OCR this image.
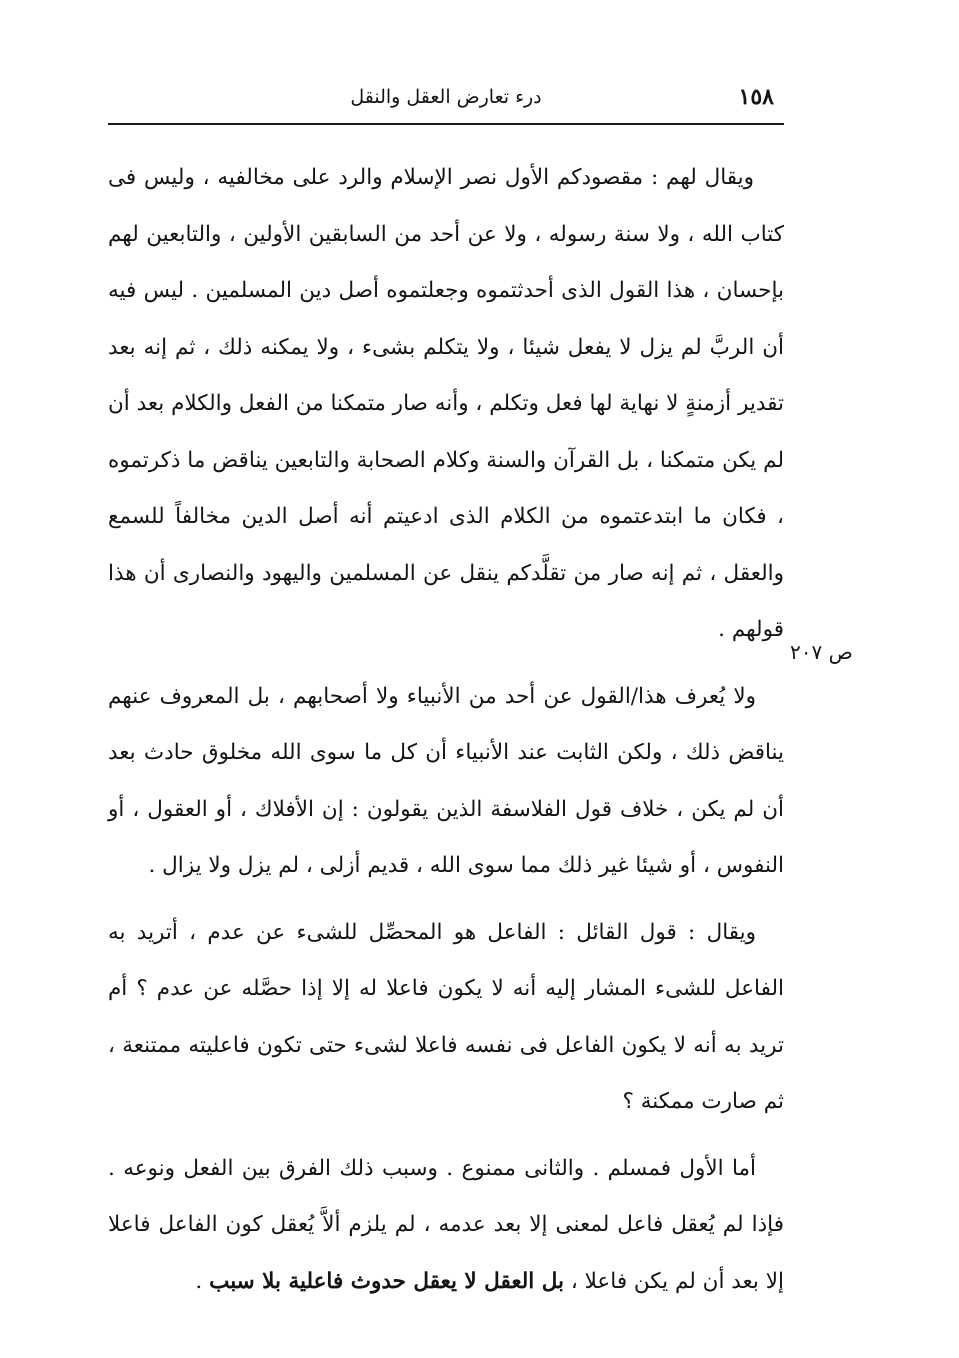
١٥٨
درء تعارض العقل والنقل
ص ٢٠٧

ويقال لهم : مقصودكم الأول نصر الإسلام والرد على مخالفيه ، وليس فى كتاب الله ، ولا سنة رسوله ، ولا عن أحد من السابقين الأولين ، والتابعين لهم بإحسان ، هذا القول الذى أحدثتموه وجعلتموه أصل دين المسلمين . ليس فيه أن الربَّ لم يزل لا يفعل شيئا ، ولا يتكلم بشىء ، ولا يمكنه ذلك ، ثم إنه بعد تقدير أزمنةٍ لا نهاية لها فعل وتكلم ، وأنه صار متمكنا من الفعل والكلام بعد أن لم يكن متمكنا ، بل القرآن والسنة وكلام الصحابة والتابعين يناقض ما ذكرتموه ، فكان ما ابتدعتموه من الكلام الذى ادعيتم أنه أصل الدين مخالفاً للسمع والعقل ، ثم إنه صار من تقلَّدكم ينقل عن المسلمين واليهود والنصارى أن هذا قولهم .

ولا يُعرف هذا/القول عن أحد من الأنبياء ولا أصحابهم ، بل المعروف عنهم يناقض ذلك ، ولكن الثابت عند الأنبياء أن كل ما سوى الله مخلوق حادث بعد أن لم يكن ، خلاف قول الفلاسفة الذين يقولون : إن الأفلاك ، أو العقول ، أو النفوس ، أو شيئا غير ذلك مما سوى الله ، قديم أزلى ، لم يزل ولا يزال .

ويقال : قول القائل : الفاعل هو المحصِّل للشىء عن عدم ، أتريد به الفاعل للشىء المشار إليه أنه لا يكون فاعلا له إلا إذا حصَّله عن عدم ؟ أم تريد به أنه لا يكون الفاعل فى نفسه فاعلا لشىء حتى تكون فاعليته ممتنعة ، ثم صارت ممكنة ؟

أما الأول فمسلم . والثانى ممنوع . وسبب ذلك الفرق بين الفعل ونوعه . فإذا لم يُعقل فاعل لمعنى إلا بعد عدمه ، لم يلزم ألاَّ يُعقل كون الفاعل فاعلا إلا بعد أن لم يكن فاعلا ، بل العقل لا يعقل حدوث فاعلية بلا سبب .
